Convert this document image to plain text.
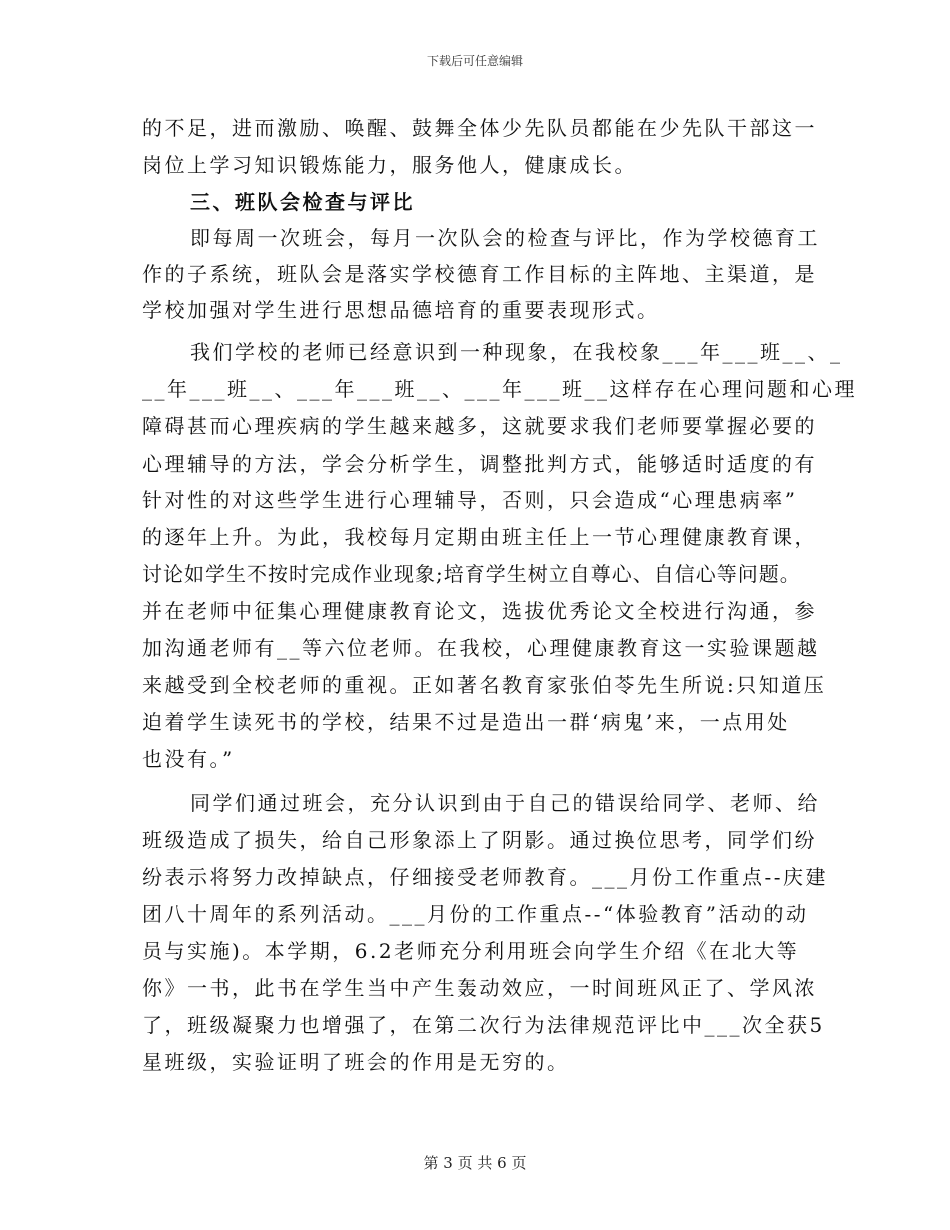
下载后可任意编辑
的不足，进而激励、唤醒、鼓舞全体少先队员都能在少先队干部这一
岗位上学习知识锻炼能力，服务他人，健康成长。
三、班队会检查与评比
即每周一次班会，每月一次队会的检查与评比，作为学校德育工
作的子系统，班队会是落实学校德育工作目标的主阵地、主渠道，是
学校加强对学生进行思想品德培育的重要表现形式。
我们学校的老师已经意识到一种现象，在我校象___年___班__、_
__年___班__、___年___班__、___年___班__这样存在心理问题和心理
障碍甚而心理疾病的学生越来越多，这就要求我们老师要掌握必要的
心理辅导的方法，学会分析学生，调整批判方式，能够适时适度的有
针对性的对这些学生进行心理辅导，否则，只会造成“心理患病率”
的逐年上升。为此，我校每月定期由班主任上一节心理健康教育课，
讨论如学生不按时完成作业现象;培育学生树立自尊心、自信心等问题。
并在老师中征集心理健康教育论文，选拔优秀论文全校进行沟通，参
加沟通老师有__等六位老师。在我校，心理健康教育这一实验课题越
来越受到全校老师的重视。正如著名教育家张伯苓先生所说:只知道压
迫着学生读死书的学校，结果不过是造出一群‘病鬼’来，一点用处
也没有。”
同学们通过班会，充分认识到由于自己的错误给同学、老师、给
班级造成了损失，给自己形象添上了阴影。通过换位思考，同学们纷
纷表示将努力改掉缺点，仔细接受老师教育。___月份工作重点--庆建
团八十周年的系列活动。___月份的工作重点--“体验教育”活动的动
员与实施)。本学期，6.2老师充分利用班会向学生介绍《在北大等
你》一书，此书在学生当中产生轰动效应，一时间班风正了、学风浓
了，班级凝聚力也增强了，在第二次行为法律规范评比中___次全获5
星班级，实验证明了班会的作用是无穷的。
第 3 页 共 6 页
